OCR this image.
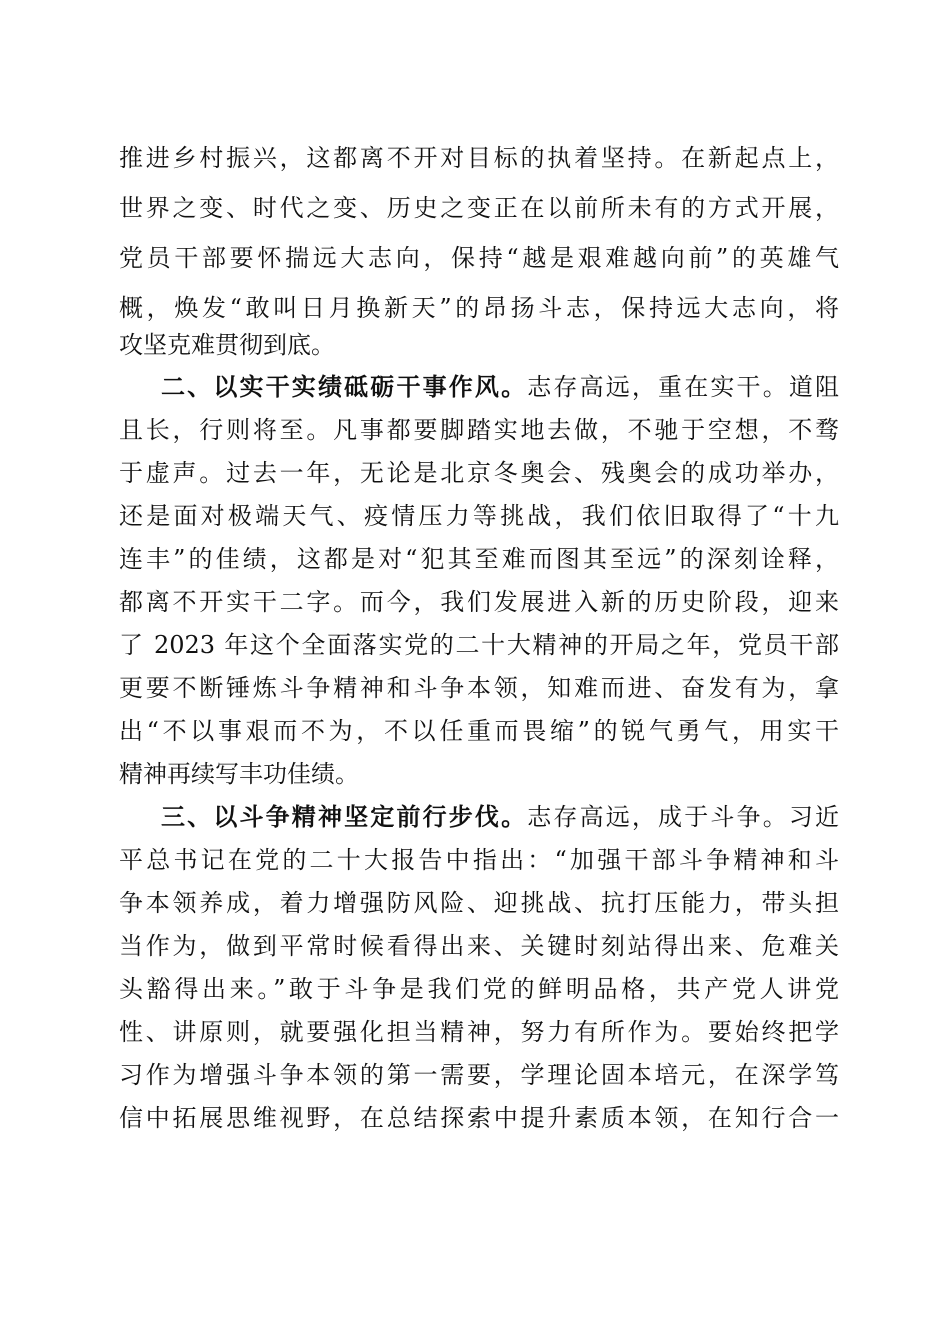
推进乡村振兴，这都离不开对目标的执着坚持。在新起点上，
世界之变、时代之变、历史之变正在以前所未有的方式开展，
党员干部要怀揣远大志向，保持“越是艰难越向前”的英雄气
概，焕发“敢叫日月换新天”的昂扬斗志，保持远大志向，将
攻坚克难贯彻到底。
二、以实干实绩砥砺干事作风。志存高远，重在实干。道阻
且长，行则将至。凡事都要脚踏实地去做，不驰于空想，不骛
于虚声。过去一年，无论是北京冬奥会、残奥会的成功举办，
还是面对极端天气、疫情压力等挑战，我们依旧取得了“十九
连丰”的佳绩，这都是对“犯其至难而图其至远”的深刻诠释，
都离不开实干二字。而今，我们发展进入新的历史阶段，迎来
了 2023 年这个全面落实党的二十大精神的开局之年，党员干部
更要不断锤炼斗争精神和斗争本领，知难而进、奋发有为，拿
出“不以事艰而不为，不以任重而畏缩”的锐气勇气，用实干
精神再续写丰功佳绩。
三、以斗争精神坚定前行步伐。志存高远，成于斗争。习近
平总书记在党的二十大报告中指出：“加强干部斗争精神和斗
争本领养成，着力增强防风险、迎挑战、抗打压能力，带头担
当作为，做到平常时候看得出来、关键时刻站得出来、危难关
头豁得出来。”敢于斗争是我们党的鲜明品格，共产党人讲党
性、讲原则，就要强化担当精神，努力有所作为。要始终把学
习作为增强斗争本领的第一需要，学理论固本培元，在深学笃
信中拓展思维视野，在总结探索中提升素质本领，在知行合一
